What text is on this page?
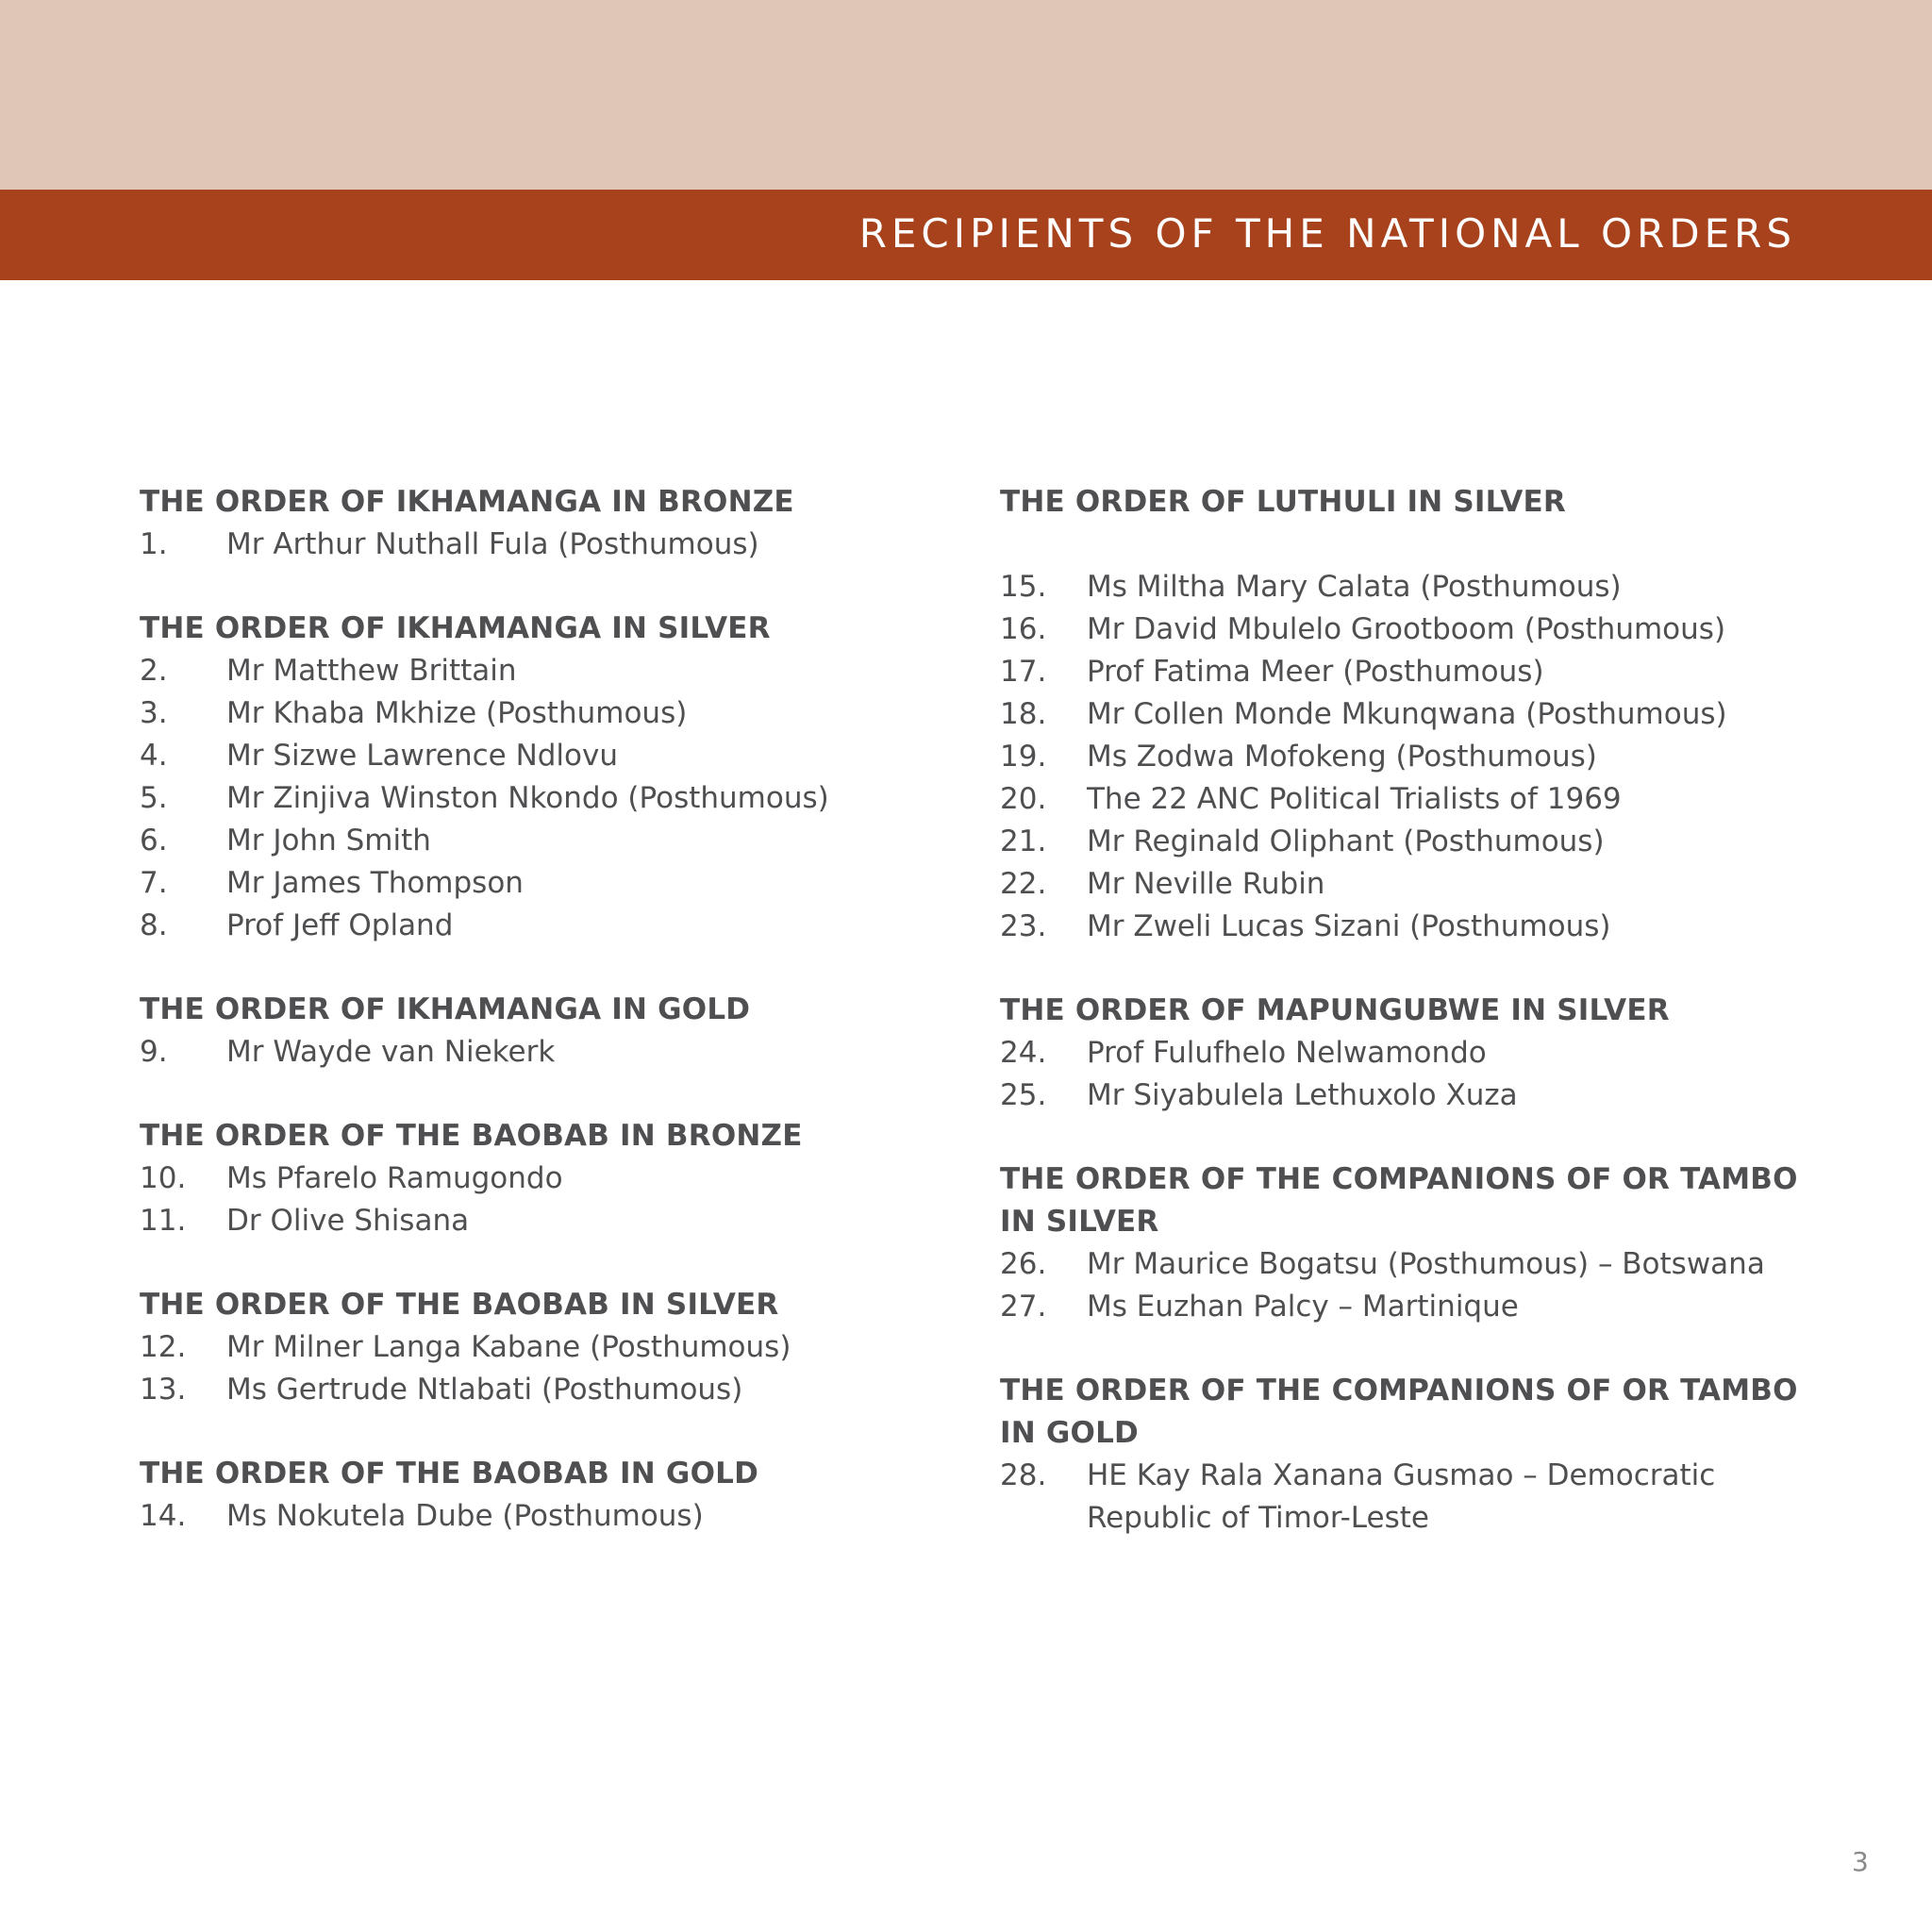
RECIPIENTS OF THE NATIONAL ORDERS
THE ORDER OF IKHAMANGA IN BRONZE
1.	Mr Arthur Nuthall Fula (Posthumous)
THE ORDER OF IKHAMANGA IN SILVER
2.	Mr Matthew Brittain
3.	Mr Khaba Mkhize (Posthumous)
4.	Mr Sizwe Lawrence Ndlovu
5.	Mr Zinjiva Winston Nkondo (Posthumous)
6.	Mr John Smith
7.	Mr James Thompson
8.	Prof Jeff Opland
THE ORDER OF IKHAMANGA IN GOLD
9.	Mr Wayde van Niekerk
THE ORDER OF THE BAOBAB IN BRONZE
10.	Ms Pfarelo Ramugondo
11.	Dr Olive Shisana
THE ORDER OF THE BAOBAB IN SILVER
12.	Mr Milner Langa Kabane (Posthumous)
13.	Ms Gertrude Ntlabati (Posthumous)
THE ORDER OF THE BAOBAB IN GOLD
14.	Ms Nokutela Dube (Posthumous)
THE ORDER OF LUTHULI IN SILVER
15.	Ms Miltha Mary Calata (Posthumous)
16.	Mr David Mbulelo Grootboom (Posthumous)
17.	Prof Fatima Meer (Posthumous)
18.	Mr Collen Monde Mkunqwana (Posthumous)
19.	Ms Zodwa Mofokeng (Posthumous)
20.	The 22 ANC Political Trialists of 1969
21.	Mr Reginald Oliphant (Posthumous)
22.	Mr Neville Rubin
23.	Mr Zweli Lucas Sizani (Posthumous)
THE ORDER OF MAPUNGUBWE IN SILVER
24.	Prof Fulufhelo Nelwamondo
25.	Mr Siyabulela Lethuxolo Xuza
THE ORDER OF THE COMPANIONS OF OR TAMBO IN SILVER
26.	Mr Maurice Bogatsu (Posthumous) – Botswana
27.	Ms Euzhan Palcy – Martinique
THE ORDER OF THE COMPANIONS OF OR TAMBO IN GOLD
28.	HE Kay Rala Xanana Gusmao – Democratic Republic of Timor-Leste
3
